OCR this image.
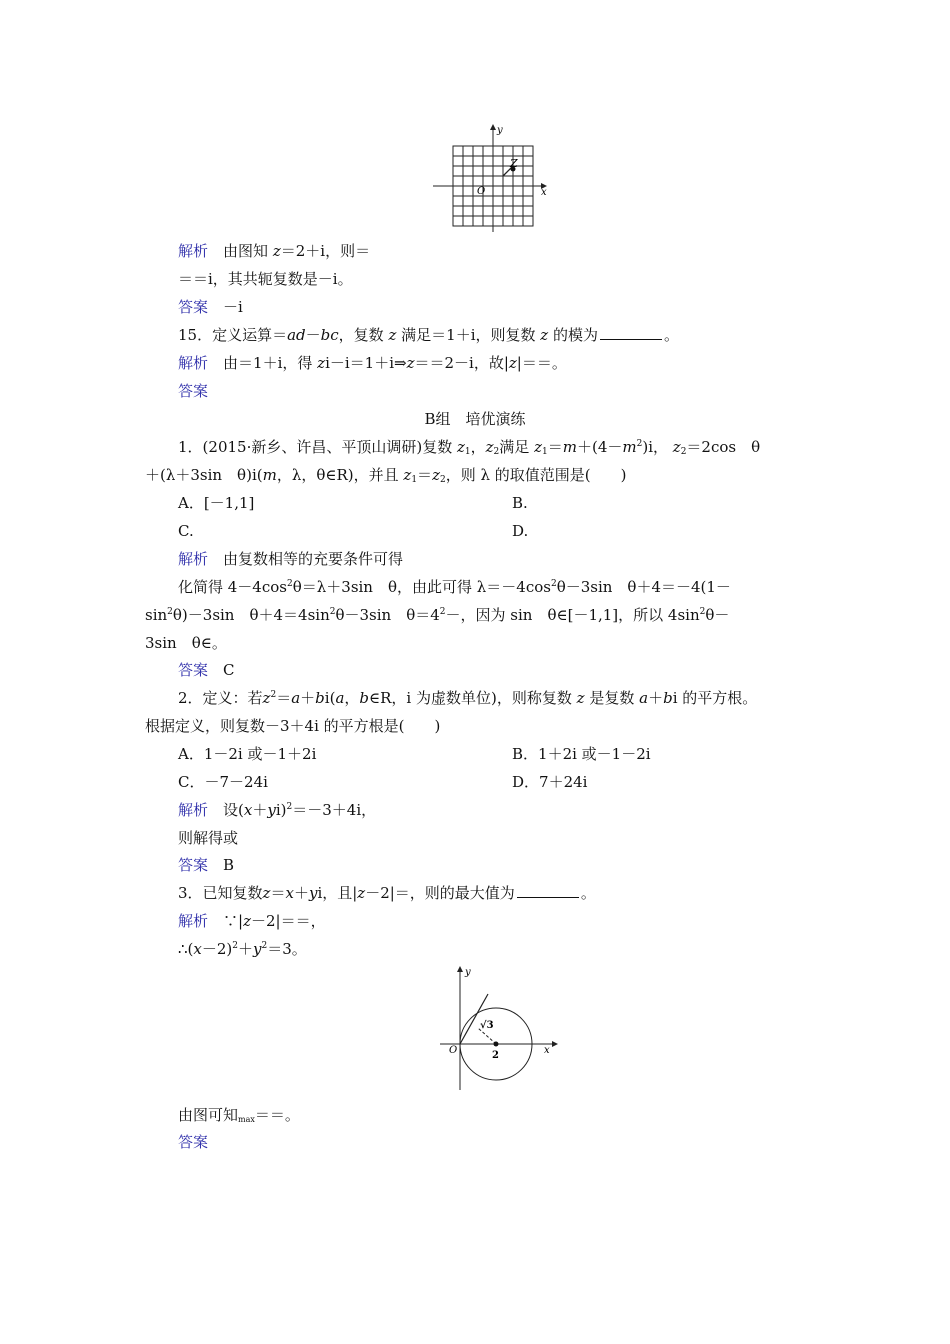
y
x
O
Z
解析　 由图知 z＝2＋i，则＝
＝＝i，其共轭复数是－i。
答案　 －i
15．定义运算＝ad－bc，复数 z 满足＝1＋i，则复数 z 的模为	。
解析　 由＝1＋i，得 zi－i＝1＋i⇒z＝＝2－i，故|z|＝＝。
答案
B组　培优演练
1．(2015·新乡、许昌、平顶山调研)复数 $z_1$，$z_2$满足 $z_1=m+(4-m^2)i$， $z_2=2\cos$　θ
＋(λ＋3sin　θ)i(m，λ，θ∈R)，并且 $z_1=z_2$，则 λ 的取值范围是(　　)
A．[－1,1]	B.
C.	D.
解析　 由复数相等的充要条件可得
化简得 $4-4\cos^2\theta=\lambda+3\sin$　θ，由此可得 $\lambda=-4\cos^2\theta-3\sin$　θ＋4＝－4(1－
$\sin^2\theta)-3\sin$　$\theta+4=4\sin^2\theta-3\sin$　$\theta=4^2-$，因为 sin　θ∈[－1,1]，所以 $4\sin^2\theta-$
3sin　θ∈。
答案　 C
2．定义：若$z^2=a+bi(a$，b∈R，i 为虚数单位)，则称复数 z 是复数 a＋bi 的平方根。
根据定义，则复数－3＋4i 的平方根是(　　)
A．1－2i 或－1＋2i	B．1＋2i 或－1－2i
C．－7－24i	D．7＋24i
解析　 设$(x+yi)^2=-3+4i$，
则解得或
答案　 B
3．已知复数z＝x＋yi，且|z－2|＝，则的最大值为	。
解析　 ∵|z－2|＝＝，
$\therefore(x-2)^2+y^2=3$。
y
x
O
√3
2
由图可知$_{max}$＝＝。
答案
